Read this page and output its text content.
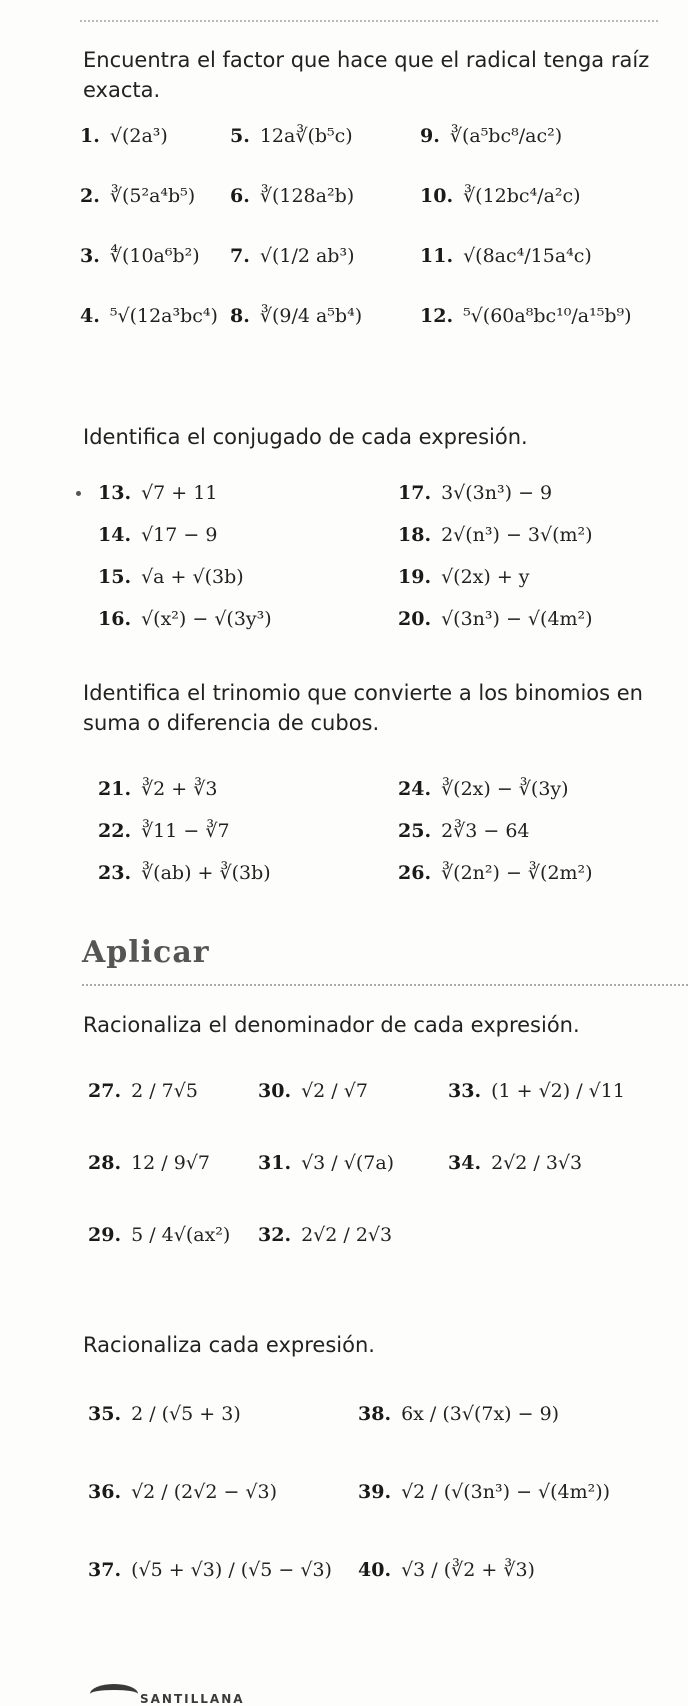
Encuentra el factor que hace que el radical tenga raíz exacta.
1. √(2a³)
2. ∛(5²a⁴b⁵)
3. ∜(10a⁶b²)
4. ⁵√(12a³bc⁴)
5. 12a∛(b⁵c)
6. ∛(128a²b)
7. √(1/2 ab³)
8. ∛(9/4 a⁵b⁴)
9. ∛(a⁵bc⁸/ac²)
10. ∛(12bc⁴/a²c)
11. √(8ac⁴/15a⁴c)
12. ⁵√(60a⁸bc¹⁰/a¹⁵b⁹)
Identifica el conjugado de cada expresión.
13. √7 + 11
14. √17 − 9
15. √a + √(3b)
16. √(x²) − √(3y³)
17. 3√(3n³) − 9
18. 2√(n³) − 3√(m²)
19. √(2x) + y
20. √(3n³) − √(4m²)
Identifica el trinomio que convierte a los binomios en suma o diferencia de cubos.
21. ∛2 + ∛3
22. ∛11 − ∛7
23. ∛(ab) + ∛(3b)
24. ∛(2x) − ∛(3y)
25. 2∛3 − 64
26. ∛(2n²) − ∛(2m²)
Aplicar
Racionaliza el denominador de cada expresión.
27. 2 / 7√5
28. 12 / 9√7
29. 5 / 4√(ax²)
30. √2 / √7
31. √3 / √(7a)
32. 2√2 / 2√3
33. (1 + √2) / √11
34. 2√2 / 3√3
Racionaliza cada expresión.
35. 2 / (√5 + 3)
36. √2 / (2√2 − √3)
37. (√5 + √3) / (√5 − √3)
38. 6x / (3√(7x) − 9)
39. √2 / (√(3n³) − √(4m²))
40. √3 / (∛2 + ∛3)
SANTILLANA
